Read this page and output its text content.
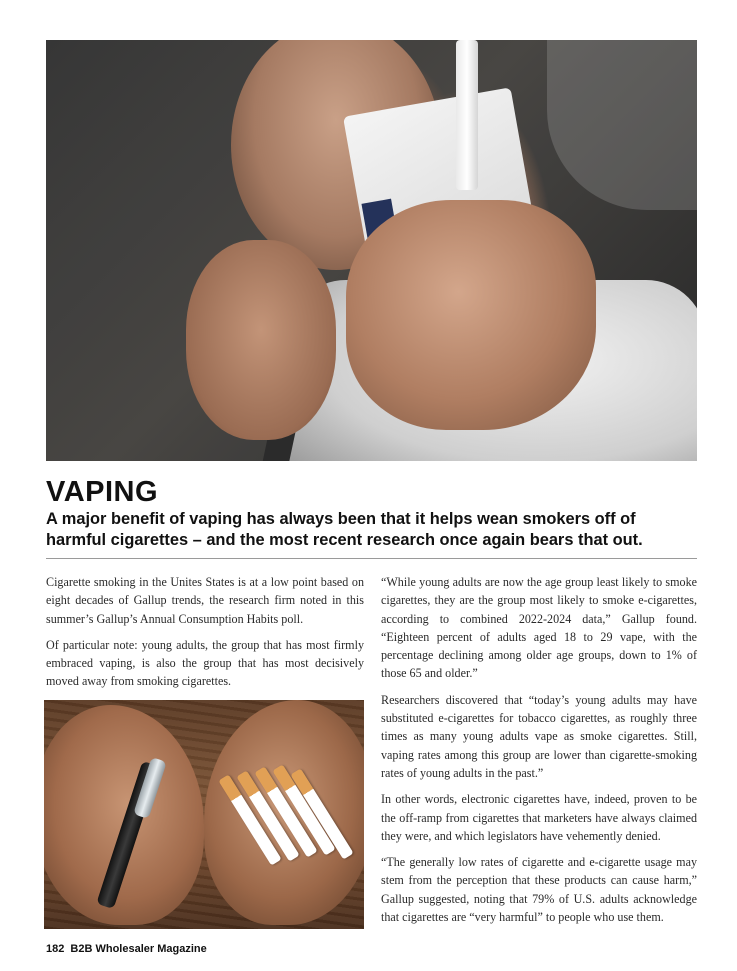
VAPING

A major benefit of vaping has always been that it helps wean smokers off of harmful cigarettes – and the most recent research once again bears that out.

Cigarette smoking in the Unites States is at a low point based on eight decades of Gallup trends, the research firm noted in this summer’s Gallup’s Annual Consumption Habits poll.

Of particular note: young adults, the group that has most firmly embraced vaping, is also the group that has most decisively moved away from smoking cigarettes.

“While young adults are now the age group least likely to smoke cigarettes, they are the group most likely to smoke e-cigarettes, according to combined 2022-2024 data,” Gallup found. “Eighteen percent of adults aged 18 to 29 vape, with the percentage declining among older age groups, down to 1% of those 65 and older.”

Researchers discovered that “today’s young adults may have substituted e-cigarettes for tobacco cigarettes, as roughly three times as many young adults vape as smoke cigarettes. Still, vaping rates among this group are lower than cigarette-smoking rates of young adults in the past.”

In other words, electronic cigarettes have, indeed, proven to be the off-ramp from cigarettes that marketers have always claimed they were, and which legislators have vehemently denied.

“The generally low rates of cigarette and e-cigarette usage may stem from the perception that these products can cause harm,” Gallup suggested, noting that 79% of U.S. adults acknowledge that cigarettes are “very harmful” to people who use them.

182 B2B Wholesaler Magazine
